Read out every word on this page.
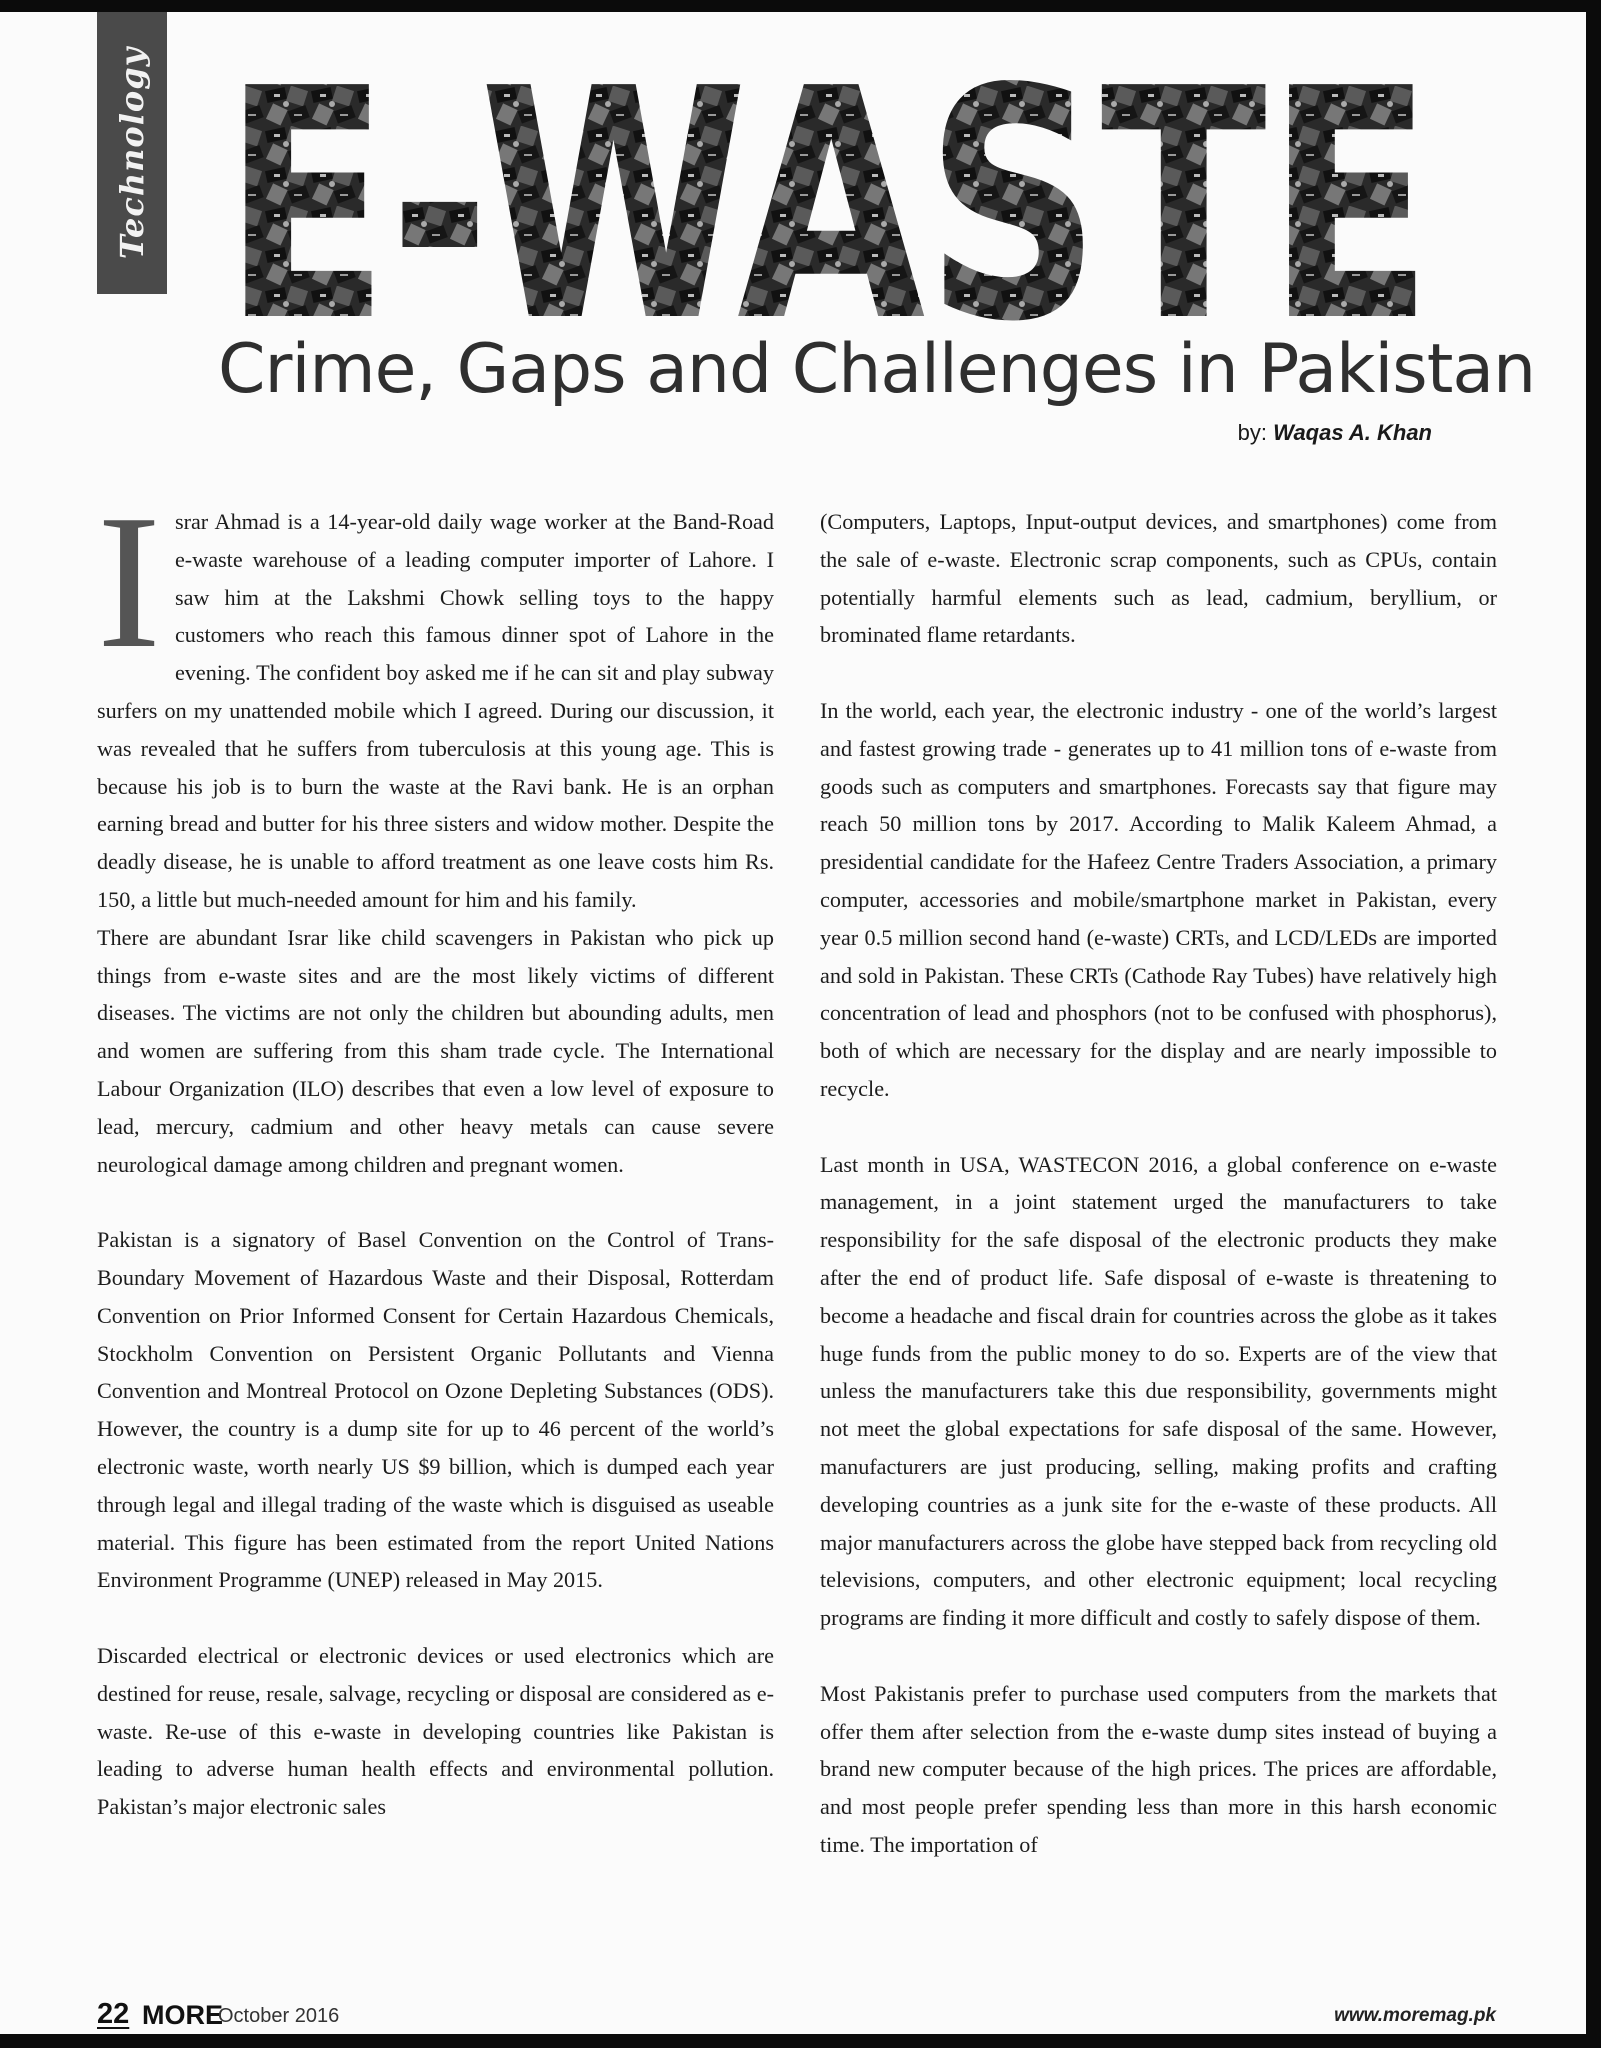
Technology E-WASTE
Crime, Gaps and Challenges in Pakistan
by: Waqas A. Khan

Israr Ahmad is a 14-year-old daily wage worker at the Band-Road e-waste warehouse of a leading computer importer of Lahore. I saw him at the Lakshmi Chowk selling toys to the happy customers who reach this famous dinner spot of Lahore in the evening. The confident boy asked me if he can sit and play subway surfers on my unattended mobile which I agreed. During our discussion, it was revealed that he suffers from tuberculosis at this young age. This is because his job is to burn the waste at the Ravi bank. He is an orphan earning bread and butter for his three sisters and widow mother. Despite the deadly disease, he is unable to afford treatment as one leave costs him Rs. 150, a little but much-needed amount for him and his family.

There are abundant Israr like child scavengers in Pakistan who pick up things from e-waste sites and are the most likely victims of different diseases. The victims are not only the children but abounding adults, men and women are suffering from this sham trade cycle. The International Labour Organization (ILO) describes that even a low level of exposure to lead, mercury, cadmium and other heavy metals can cause severe neurological damage among children and pregnant women.

Pakistan is a signatory of Basel Convention on the Control of Trans-Boundary Movement of Hazardous Waste and their Disposal, Rotterdam Convention on Prior Informed Consent for Certain Hazardous Chemicals, Stockholm Convention on Persistent Organic Pollutants and Vienna Convention and Montreal Protocol on Ozone Depleting Substances (ODS). However, the country is a dump site for up to 46 percent of the world’s electronic waste, worth nearly US $9 billion, which is dumped each year through legal and illegal trading of the waste which is disguised as useable material. This figure has been estimated from the report United Nations Environment Programme (UNEP) released in May 2015.

Discarded electrical or electronic devices or used electronics which are destined for reuse, resale, salvage, recycling or disposal are considered as e-waste. Re-use of this e-waste in developing countries like Pakistan is leading to adverse human health effects and environmental pollution. Pakistan’s major electronic sales

(Computers, Laptops, Input-output devices, and smartphones) come from the sale of e-waste. Electronic scrap components, such as CPUs, contain potentially harmful elements such as lead, cadmium, beryllium, or brominated flame retardants.

In the world, each year, the electronic industry - one of the world’s largest and fastest growing trade - generates up to 41 million tons of e-waste from goods such as computers and smartphones. Forecasts say that figure may reach 50 million tons by 2017. According to Malik Kaleem Ahmad, a presidential candidate for the Hafeez Centre Traders Association, a primary computer, accessories and mobile/smartphone market in Pakistan, every year 0.5 million second hand (e-waste) CRTs, and LCD/LEDs are imported and sold in Pakistan. These CRTs (Cathode Ray Tubes) have relatively high concentration of lead and phosphors (not to be confused with phosphorus), both of which are necessary for the display and are nearly impossible to recycle.

Last month in USA, WASTECON 2016, a global conference on e-waste management, in a joint statement urged the manufacturers to take responsibility for the safe disposal of the electronic products they make after the end of product life. Safe disposal of e-waste is threatening to become a headache and fiscal drain for countries across the globe as it takes huge funds from the public money to do so. Experts are of the view that unless the manufacturers take this due responsibility, governments might not meet the global expectations for safe disposal of the same. However, manufacturers are just producing, selling, making profits and crafting developing countries as a junk site for the e-waste of these products. All major manufacturers across the globe have stepped back from recycling old televisions, computers, and other electronic equipment; local recycling programs are finding it more difficult and costly to safely dispose of them.

Most Pakistanis prefer to purchase used computers from the markets that offer them after selection from the e-waste dump sites instead of buying a brand new computer because of the high prices. The prices are affordable, and most people prefer spending less than more in this harsh economic time. The importation of

22 MORE
October 2016	www.moremag.pk
